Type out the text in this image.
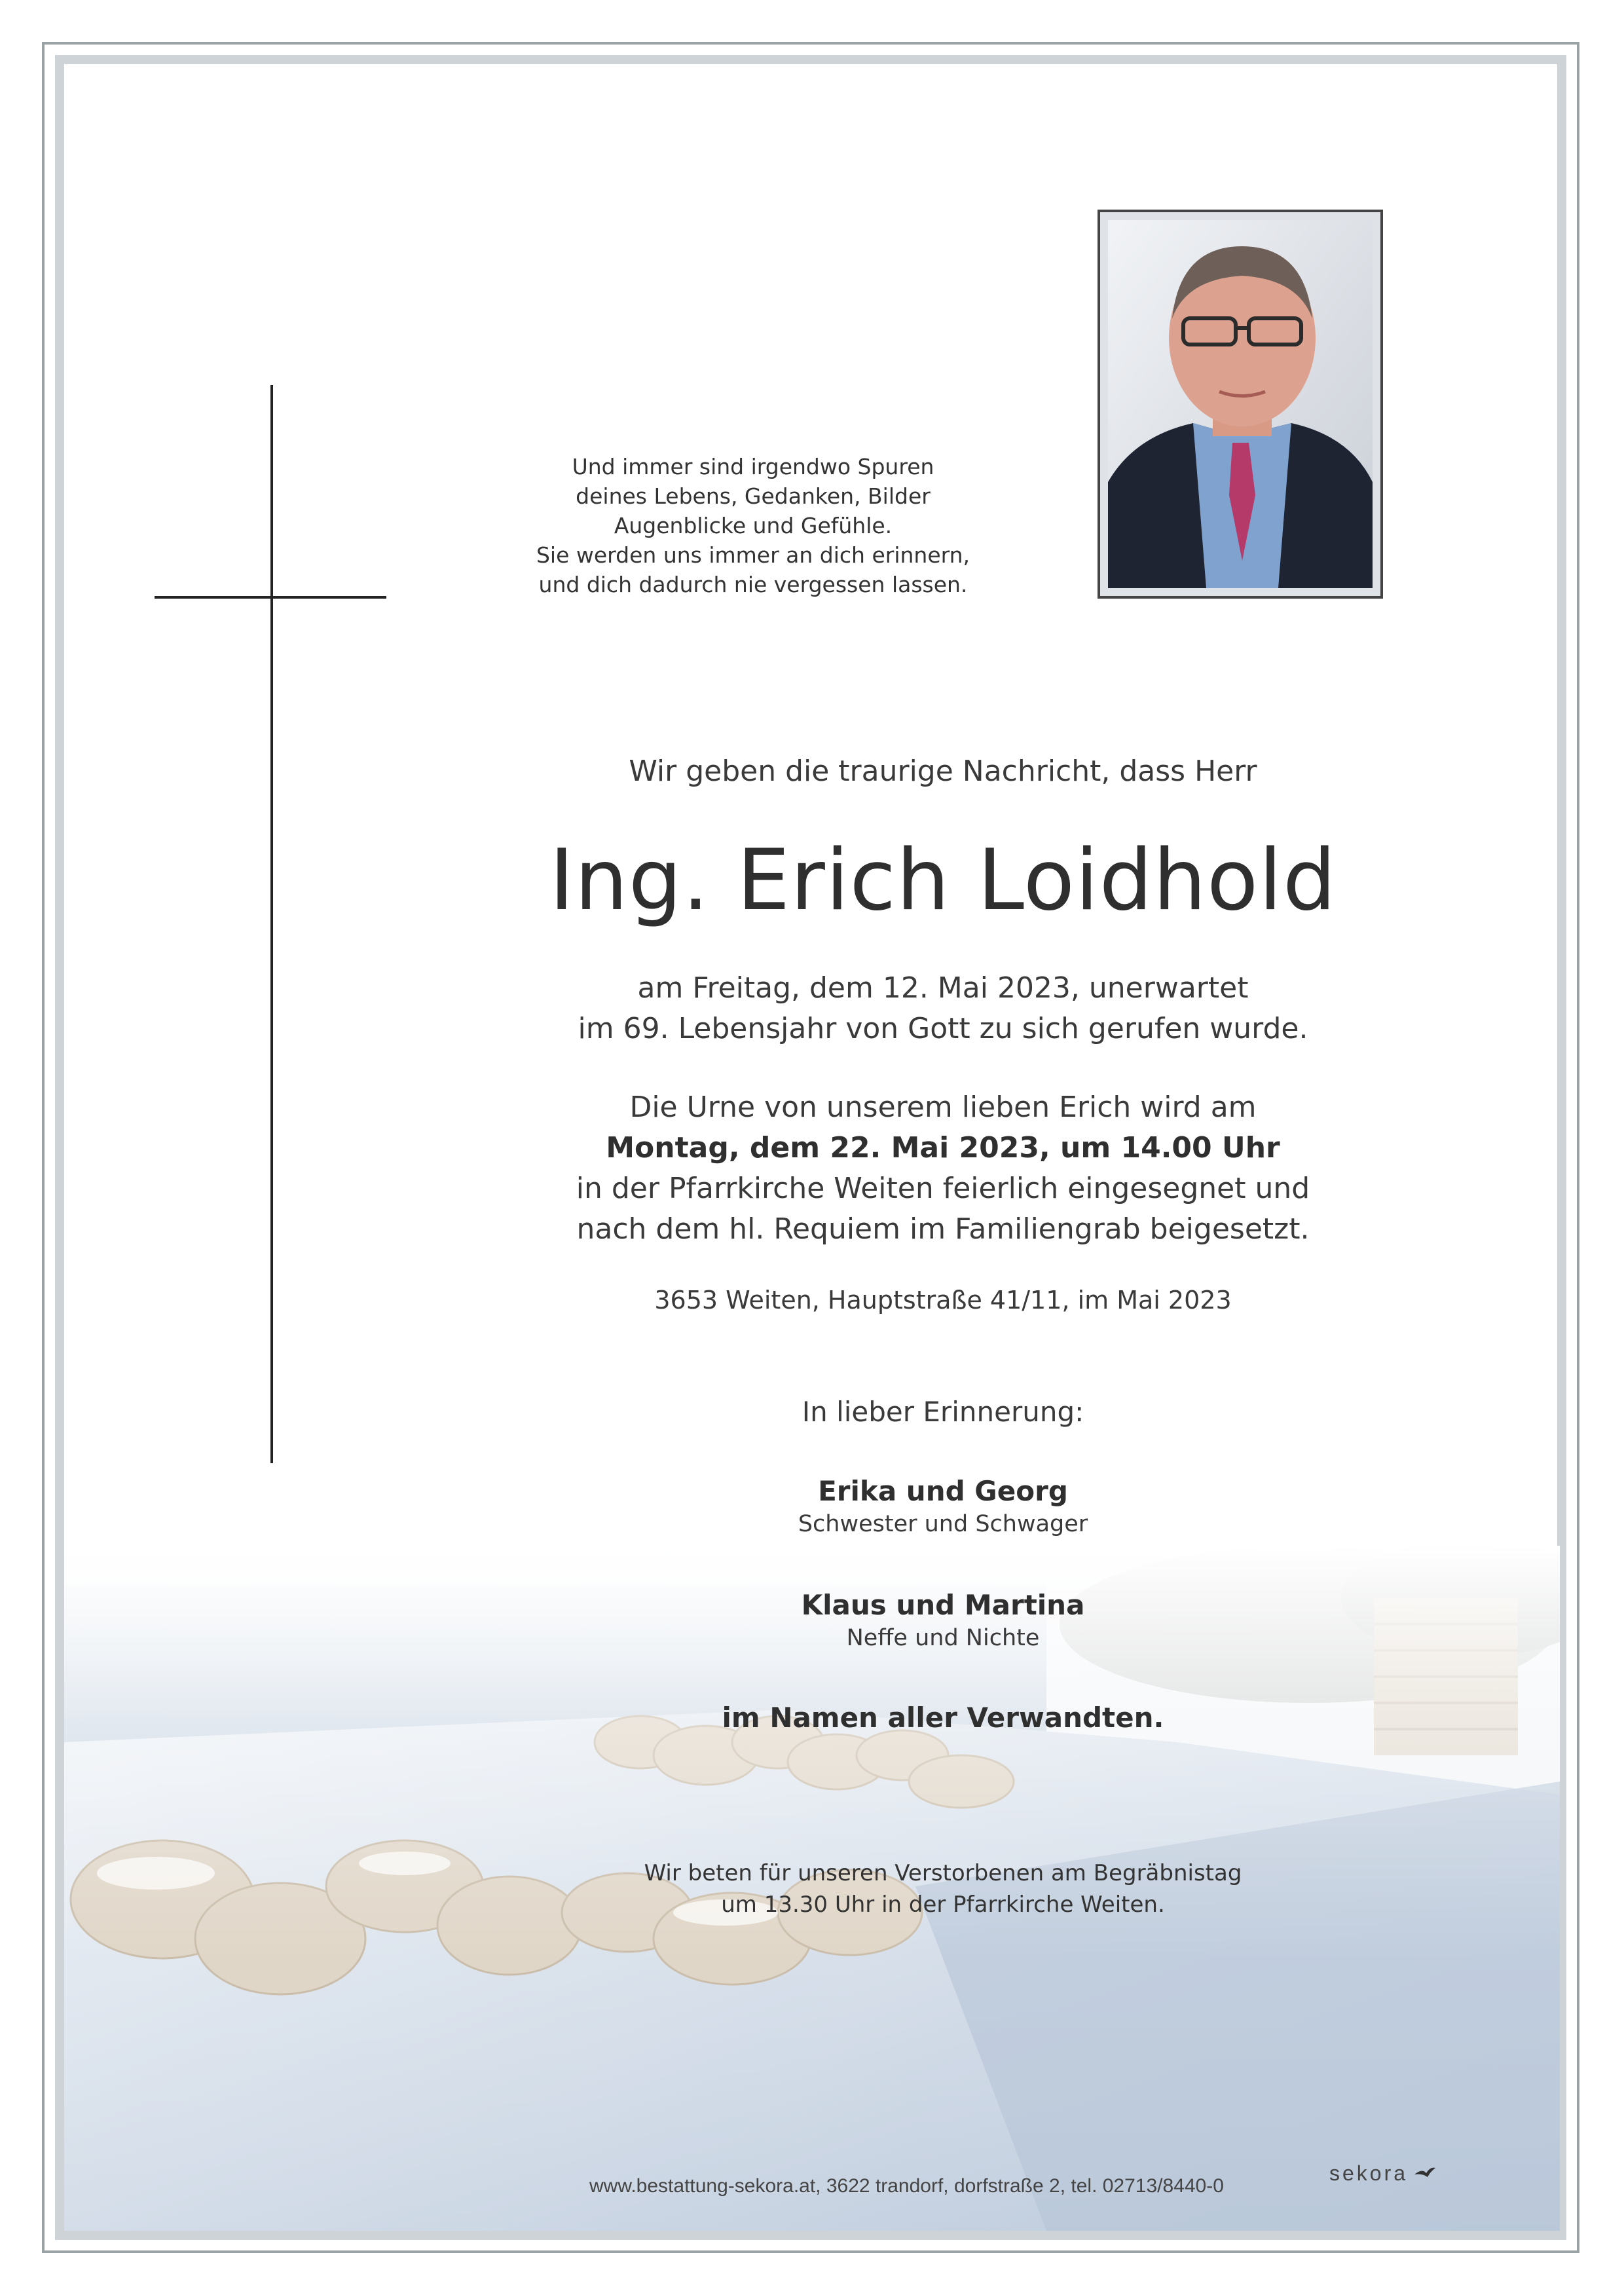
Und immer sind irgendwo Spuren
deines Lebens, Gedanken, Bilder
Augenblicke und Gefühle.
Sie werden uns immer an dich erinnern,
und dich dadurch nie vergessen lassen.
Wir geben die traurige Nachricht, dass Herr
Ing. Erich Loidhold
am Freitag, dem 12. Mai 2023, unerwartet
im 69. Lebensjahr von Gott zu sich gerufen wurde.
Die Urne von unserem lieben Erich wird am
Montag, dem 22. Mai 2023, um 14.00 Uhr
in der Pfarrkirche Weiten feierlich eingesegnet und
nach dem hl. Requiem im Familiengrab beigesetzt.
3653 Weiten, Hauptstraße 41/11, im Mai 2023
In lieber Erinnerung:
Erika und Georg
Schwester und Schwager
Klaus und Martina
Neffe und Nichte
im Namen aller Verwandten.
Wir beten für unseren Verstorbenen am Begräbnistag
um 13.30 Uhr in der Pfarrkirche Weiten.
www.bestattung-sekora.at, 3622 trandorf, dorfstraße 2, tel. 02713/8440-0
sekora
